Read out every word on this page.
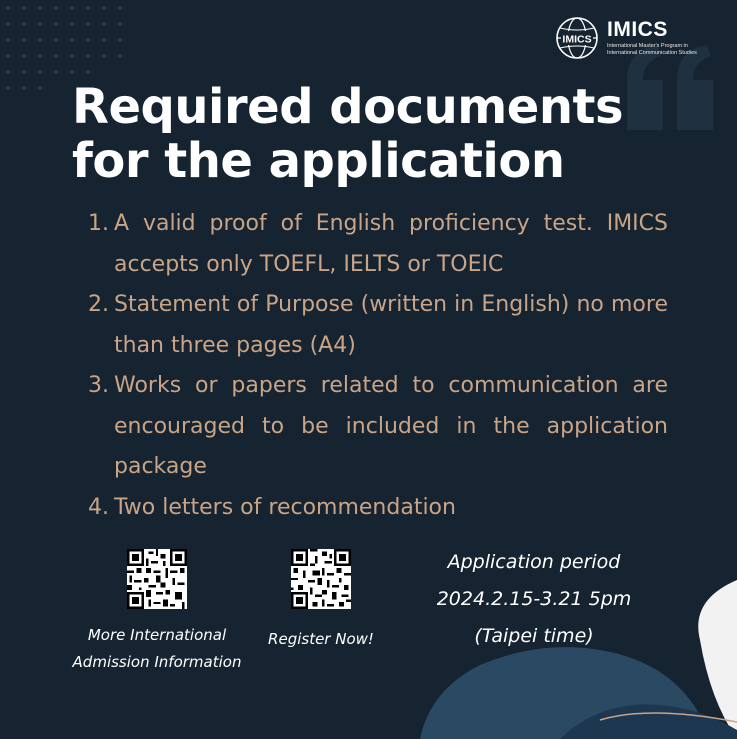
IMICS IMICS
International Master's Program in International Communication Studies
Required documents
for the application
1. A valid proof of English proficiency test. IMICS accepts only TOEFL, IELTS or TOEIC
2. Statement of Purpose (written in English) no more than three pages (A4)
3. Works or papers related to communication are encouraged to be included in the application package
4. Two letters of recommendation
More International Admission Information
Register Now!
Application period
2024.2.15-3.21 5pm
(Taipei time)
